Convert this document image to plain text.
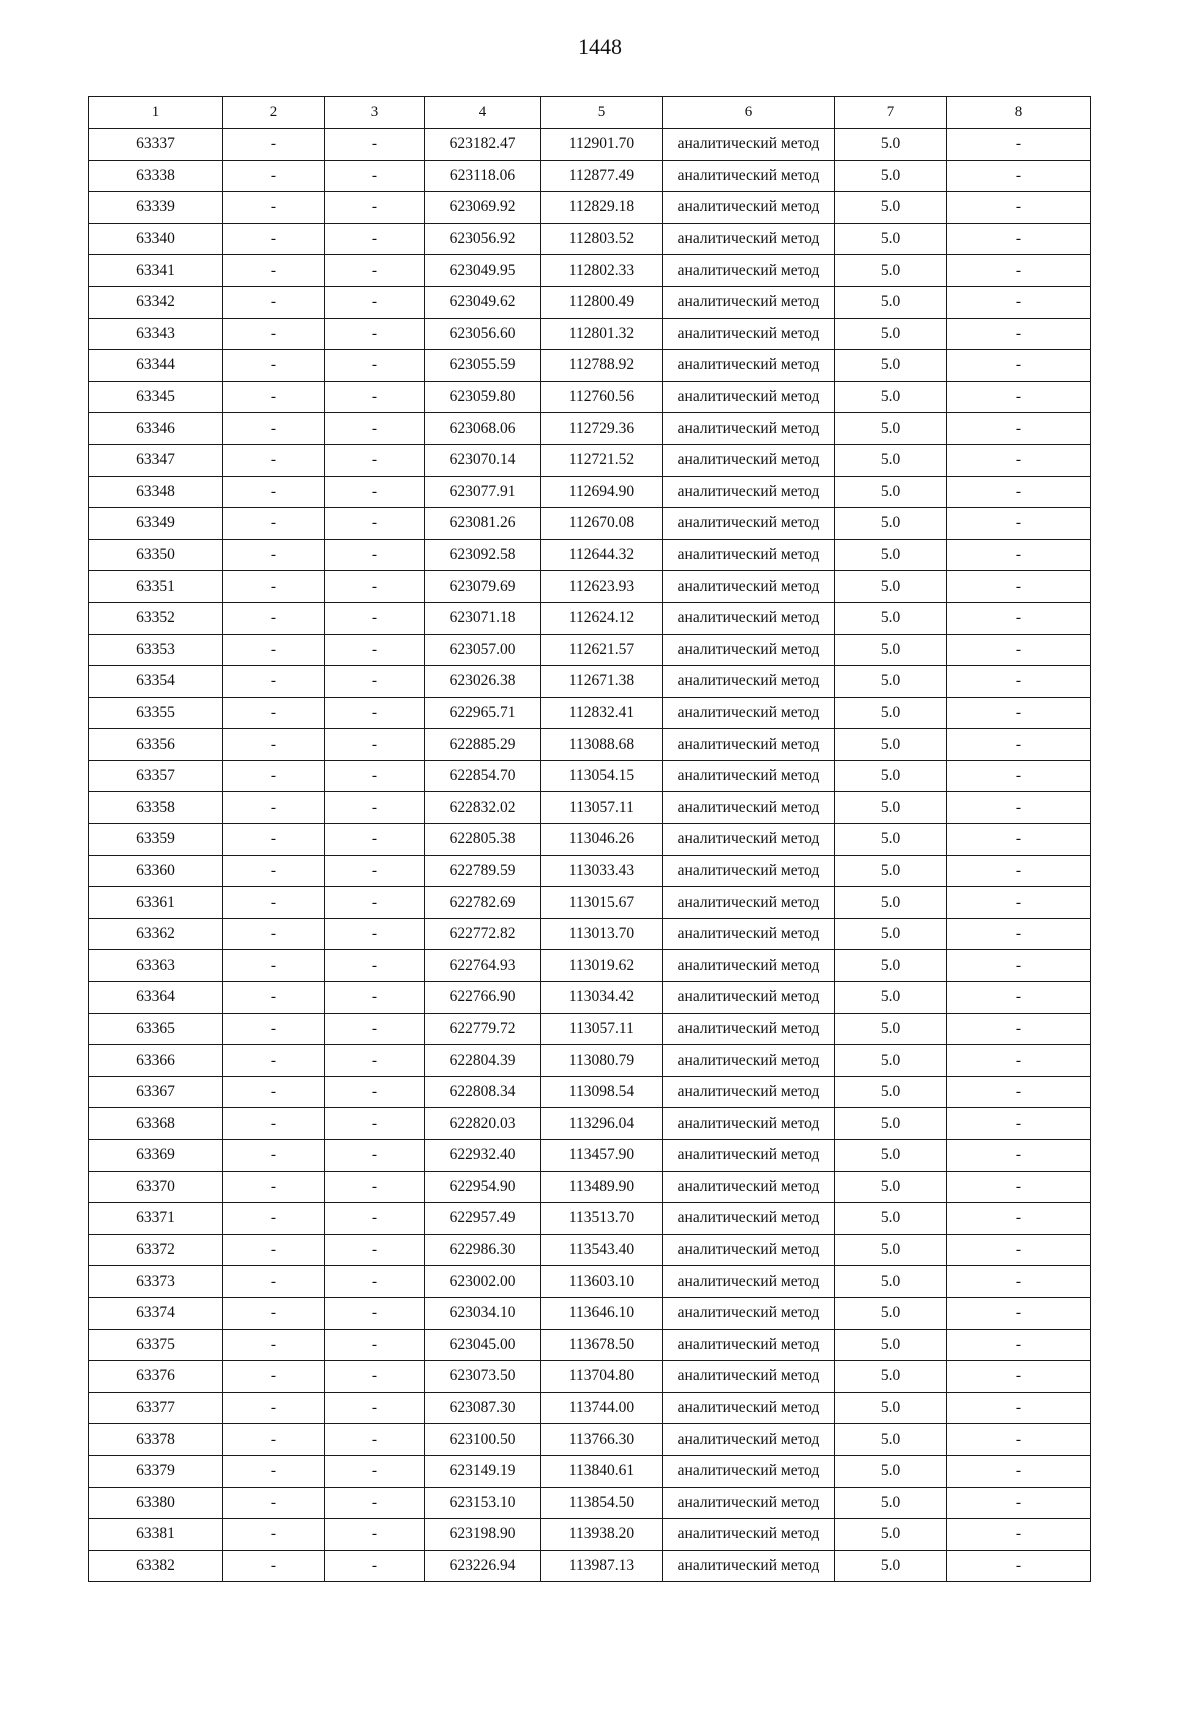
1448
1	2	3	4	5	6	7	8
63337	-	-	623182.47	112901.70	аналитический метод	5.0	-
63338	-	-	623118.06	112877.49	аналитический метод	5.0	-
63339	-	-	623069.92	112829.18	аналитический метод	5.0	-
63340	-	-	623056.92	112803.52	аналитический метод	5.0	-
63341	-	-	623049.95	112802.33	аналитический метод	5.0	-
63342	-	-	623049.62	112800.49	аналитический метод	5.0	-
63343	-	-	623056.60	112801.32	аналитический метод	5.0	-
63344	-	-	623055.59	112788.92	аналитический метод	5.0	-
63345	-	-	623059.80	112760.56	аналитический метод	5.0	-
63346	-	-	623068.06	112729.36	аналитический метод	5.0	-
63347	-	-	623070.14	112721.52	аналитический метод	5.0	-
63348	-	-	623077.91	112694.90	аналитический метод	5.0	-
63349	-	-	623081.26	112670.08	аналитический метод	5.0	-
63350	-	-	623092.58	112644.32	аналитический метод	5.0	-
63351	-	-	623079.69	112623.93	аналитический метод	5.0	-
63352	-	-	623071.18	112624.12	аналитический метод	5.0	-
63353	-	-	623057.00	112621.57	аналитический метод	5.0	-
63354	-	-	623026.38	112671.38	аналитический метод	5.0	-
63355	-	-	622965.71	112832.41	аналитический метод	5.0	-
63356	-	-	622885.29	113088.68	аналитический метод	5.0	-
63357	-	-	622854.70	113054.15	аналитический метод	5.0	-
63358	-	-	622832.02	113057.11	аналитический метод	5.0	-
63359	-	-	622805.38	113046.26	аналитический метод	5.0	-
63360	-	-	622789.59	113033.43	аналитический метод	5.0	-
63361	-	-	622782.69	113015.67	аналитический метод	5.0	-
63362	-	-	622772.82	113013.70	аналитический метод	5.0	-
63363	-	-	622764.93	113019.62	аналитический метод	5.0	-
63364	-	-	622766.90	113034.42	аналитический метод	5.0	-
63365	-	-	622779.72	113057.11	аналитический метод	5.0	-
63366	-	-	622804.39	113080.79	аналитический метод	5.0	-
63367	-	-	622808.34	113098.54	аналитический метод	5.0	-
63368	-	-	622820.03	113296.04	аналитический метод	5.0	-
63369	-	-	622932.40	113457.90	аналитический метод	5.0	-
63370	-	-	622954.90	113489.90	аналитический метод	5.0	-
63371	-	-	622957.49	113513.70	аналитический метод	5.0	-
63372	-	-	622986.30	113543.40	аналитический метод	5.0	-
63373	-	-	623002.00	113603.10	аналитический метод	5.0	-
63374	-	-	623034.10	113646.10	аналитический метод	5.0	-
63375	-	-	623045.00	113678.50	аналитический метод	5.0	-
63376	-	-	623073.50	113704.80	аналитический метод	5.0	-
63377	-	-	623087.30	113744.00	аналитический метод	5.0	-
63378	-	-	623100.50	113766.30	аналитический метод	5.0	-
63379	-	-	623149.19	113840.61	аналитический метод	5.0	-
63380	-	-	623153.10	113854.50	аналитический метод	5.0	-
63381	-	-	623198.90	113938.20	аналитический метод	5.0	-
63382	-	-	623226.94	113987.13	аналитический метод	5.0	-
